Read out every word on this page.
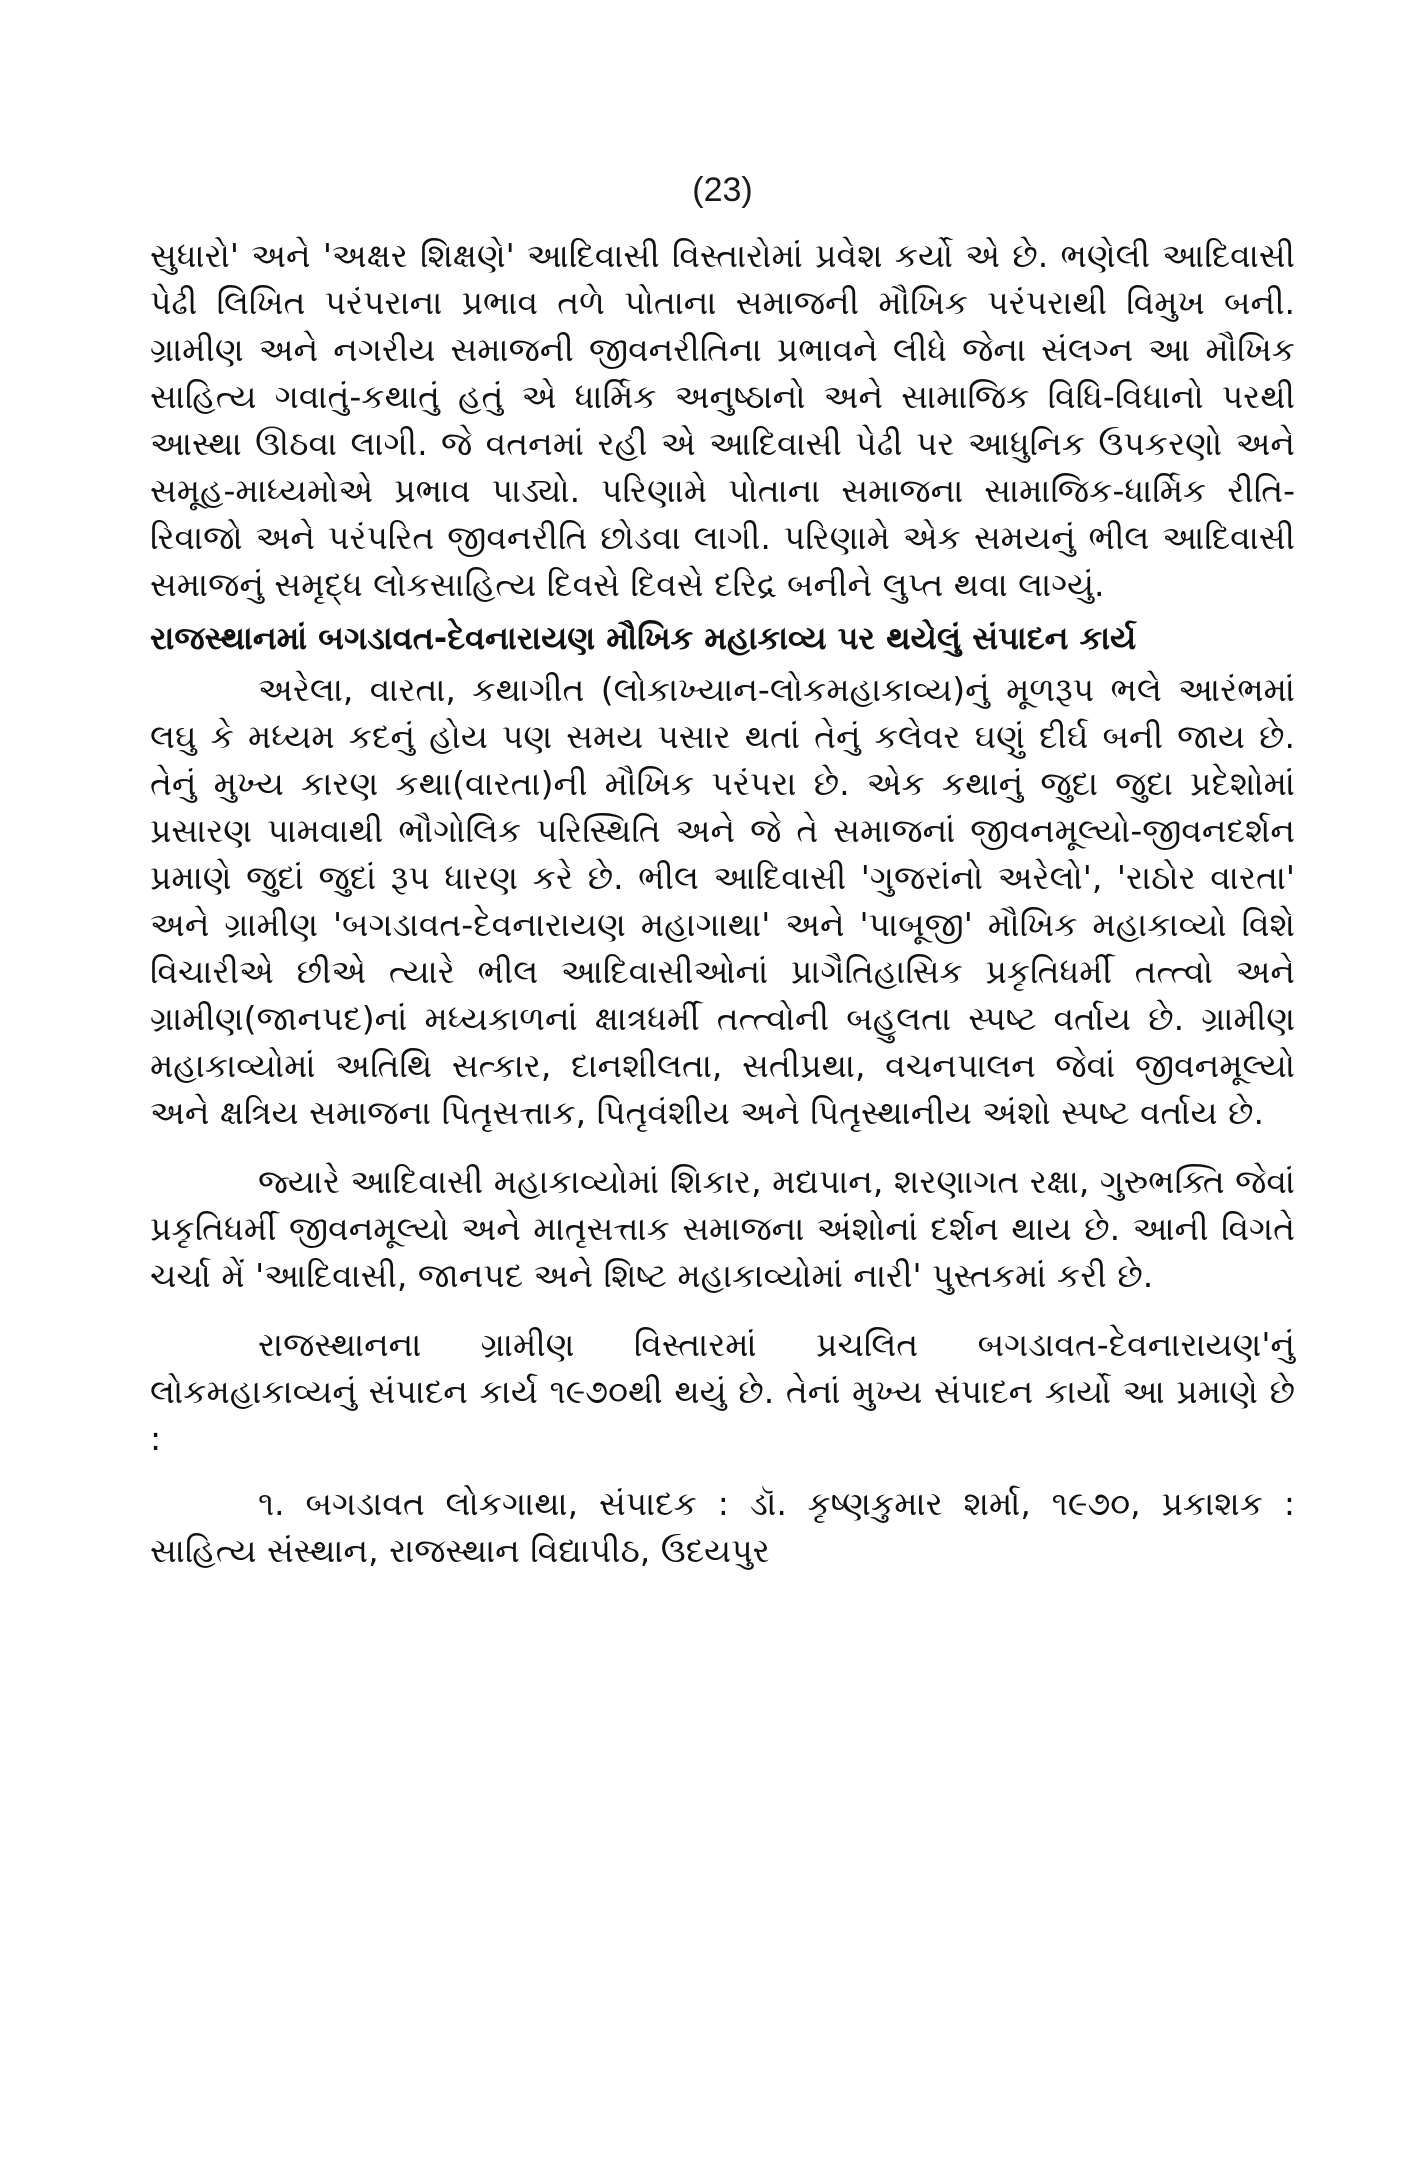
(23)

સુધારો' અને 'અક્ષર શિક્ષણે' આદિવાસી વિસ્તારોમાં પ્રવેશ કર્યો એ છે. ભણેલી આદિવાસી પેઢી લિખિત પરંપરાના પ્રભાવ તળે પોતાના સમાજની મૌખિક પરંપરાથી વિમુખ બની. ગ્રામીણ અને નગરીય સમાજની જીવનરીતિના પ્રભાવને લીધે જેના સંલગ્ન આ મૌખિક સાહિત્ય ગવાતું-કથાતું હતું એ ધાર્મિક અનુષ્ઠાનો અને સામાજિક વિધિ-વિધાનો પરથી આસ્થા ઊઠવા લાગી. જે વતનમાં રહી એ આદિવાસી પેઢી પર આધુનિક ઉપકરણો અને સમૂહ-માધ્યમોએ પ્રભાવ પાડ્યો. પરિણામે પોતાના સમાજના સામાજિક-ધાર્મિક રીતિ-રિવાજો અને પરંપરિત જીવનરીતિ છોડવા લાગી. પરિણામે એક સમયનું ભીલ આદિવાસી સમાજનું સમૃદ્ધ લોકસાહિત્ય દિવસે દિવસે દરિદ્ર બનીને લુપ્ત થવા લાગ્યું.

રાજસ્થાનમાં બગડાવત-દેવનારાયણ મૌખિક મહાકાવ્ય પર થયેલું સંપાદન કાર્ય

અરેલા, વારતા, કથાગીત (લોકાખ્યાન-લોકમહાકાવ્ય)નું મૂળરૂપ ભલે આરંભમાં લઘુ કે મધ્યમ કદનું હોય પણ સમય પસાર થતાં તેનું કલેવર ઘણું દીર્ઘ બની જાય છે. તેનું મુખ્ય કારણ કથા(વારતા)ની મૌખિક પરંપરા છે. એક કથાનું જુદા જુદા પ્રદેશોમાં પ્રસારણ પામવાથી ભૌગોલિક પરિસ્થિતિ અને જે તે સમાજનાં જીવનમૂલ્યો-જીવનદર્શન પ્રમાણે જુદાં જુદાં રૂપ ધારણ કરે છે. ભીલ આદિવાસી 'ગુજરાંનો અરેલો', 'રાઠોર વારતા' અને ગ્રામીણ 'બગડાવત-દેવનારાયણ મહાગાથા' અને 'પાબૂજી' મૌખિક મહાકાવ્યો વિશે વિચારીએ છીએ ત્યારે ભીલ આદિવાસીઓનાં પ્રાગૈતિહાસિક પ્રકૃતિધર્મી તત્ત્વો અને ગ્રામીણ(જાનપદ)નાં મધ્યકાળનાં ક્ષાત્રધર્મી તત્ત્વોની બહુલતા સ્પષ્ટ વર્તાય છે. ગ્રામીણ મહાકાવ્યોમાં અતિથિ સત્કાર, દાનશીલતા, સતીપ્રથા, વચનપાલન જેવાં જીવનમૂલ્યો અને ક્ષત્રિય સમાજના પિતૃસત્તાક, પિતૃવંશીય અને પિતૃસ્થાનીય અંશો સ્પષ્ટ વર્તાય છે.

જ્યારે આદિવાસી મહાકાવ્યોમાં શિકાર, મદ્યપાન, શરણાગત રક્ષા, ગુરુભક્તિ જેવાં પ્રકૃતિધર્મી જીવનમૂલ્યો અને માતૃસત્તાક સમાજના અંશોનાં દર્શન થાય છે. આની વિગતે ચર્ચા મેં 'આદિવાસી, જાનપદ અને શિષ્ટ મહાકાવ્યોમાં નારી' પુસ્તકમાં કરી છે.

રાજસ્થાનના ગ્રામીણ વિસ્તારમાં પ્રચલિત બગડાવત-દેવનારાયણ'નું લોકમહાકાવ્યનું સંપાદન કાર્ય ૧૯૭૦થી થયું છે. તેનાં મુખ્ય સંપાદન કાર્યો આ પ્રમાણે છે :

૧. બગડાવત લોકગાથા, સંપાદક : ડૉ. કૃષ્ણકુમાર શર્મા, ૧૯૭૦, પ્રકાશક : સાહિત્ય સંસ્થાન, રાજસ્થાન વિદ્યાપીઠ, ઉદયપુર
